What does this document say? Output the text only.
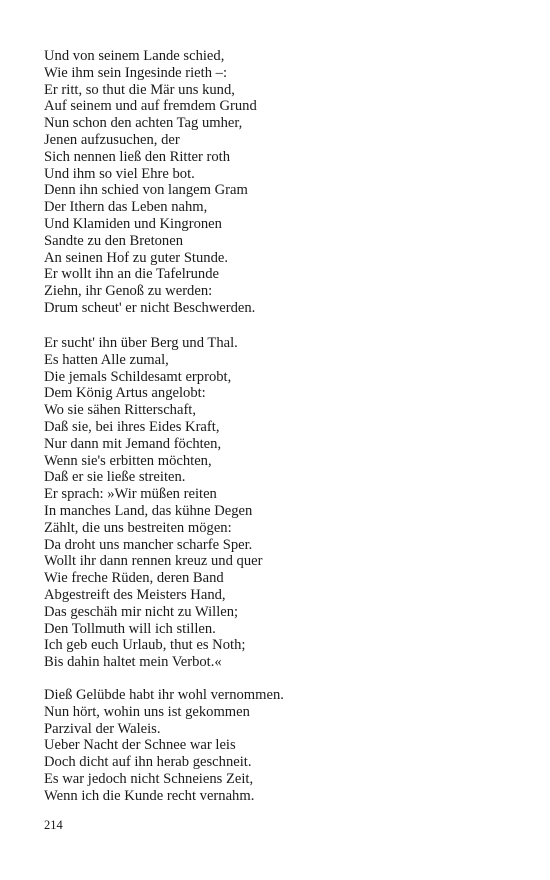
Und von seinem Lande schied,
Wie ihm sein Ingesinde rieth –:
Er ritt, so thut die Mär uns kund,
Auf seinem und auf fremdem Grund
Nun schon den achten Tag umher,
Jenen aufzusuchen, der
Sich nennen ließ den Ritter roth
Und ihm so viel Ehre bot.
Denn ihn schied von langem Gram
Der Ithern das Leben nahm,
Und Klamiden und Kingronen
Sandte zu den Bretonen
An seinen Hof zu guter Stunde.
Er wollt ihn an die Tafelrunde
Ziehn, ihr Genoß zu werden:
Drum scheut' er nicht Beschwerden.
Er sucht' ihn über Berg und Thal.
Es hatten Alle zumal,
Die jemals Schildesamt erprobt,
Dem König Artus angelobt:
Wo sie sähen Ritterschaft,
Daß sie, bei ihres Eides Kraft,
Nur dann mit Jemand föchten,
Wenn sie's erbitten möchten,
Daß er sie ließe streiten.
Er sprach: »Wir müßen reiten
In manches Land, das kühne Degen
Zählt, die uns bestreiten mögen:
Da droht uns mancher scharfe Sper.
Wollt ihr dann rennen kreuz und quer
Wie freche Rüden, deren Band
Abgestreift des Meisters Hand,
Das geschäh mir nicht zu Willen;
Den Tollmuth will ich stillen.
Ich geb euch Urlaub, thut es Noth;
Bis dahin haltet mein Verbot.«
Dieß Gelübde habt ihr wohl vernommen.
Nun hört, wohin uns ist gekommen
Parzival der Waleis.
Ueber Nacht der Schnee war leis
Doch dicht auf ihn herab geschneit.
Es war jedoch nicht Schneiens Zeit,
Wenn ich die Kunde recht vernahm.
214
